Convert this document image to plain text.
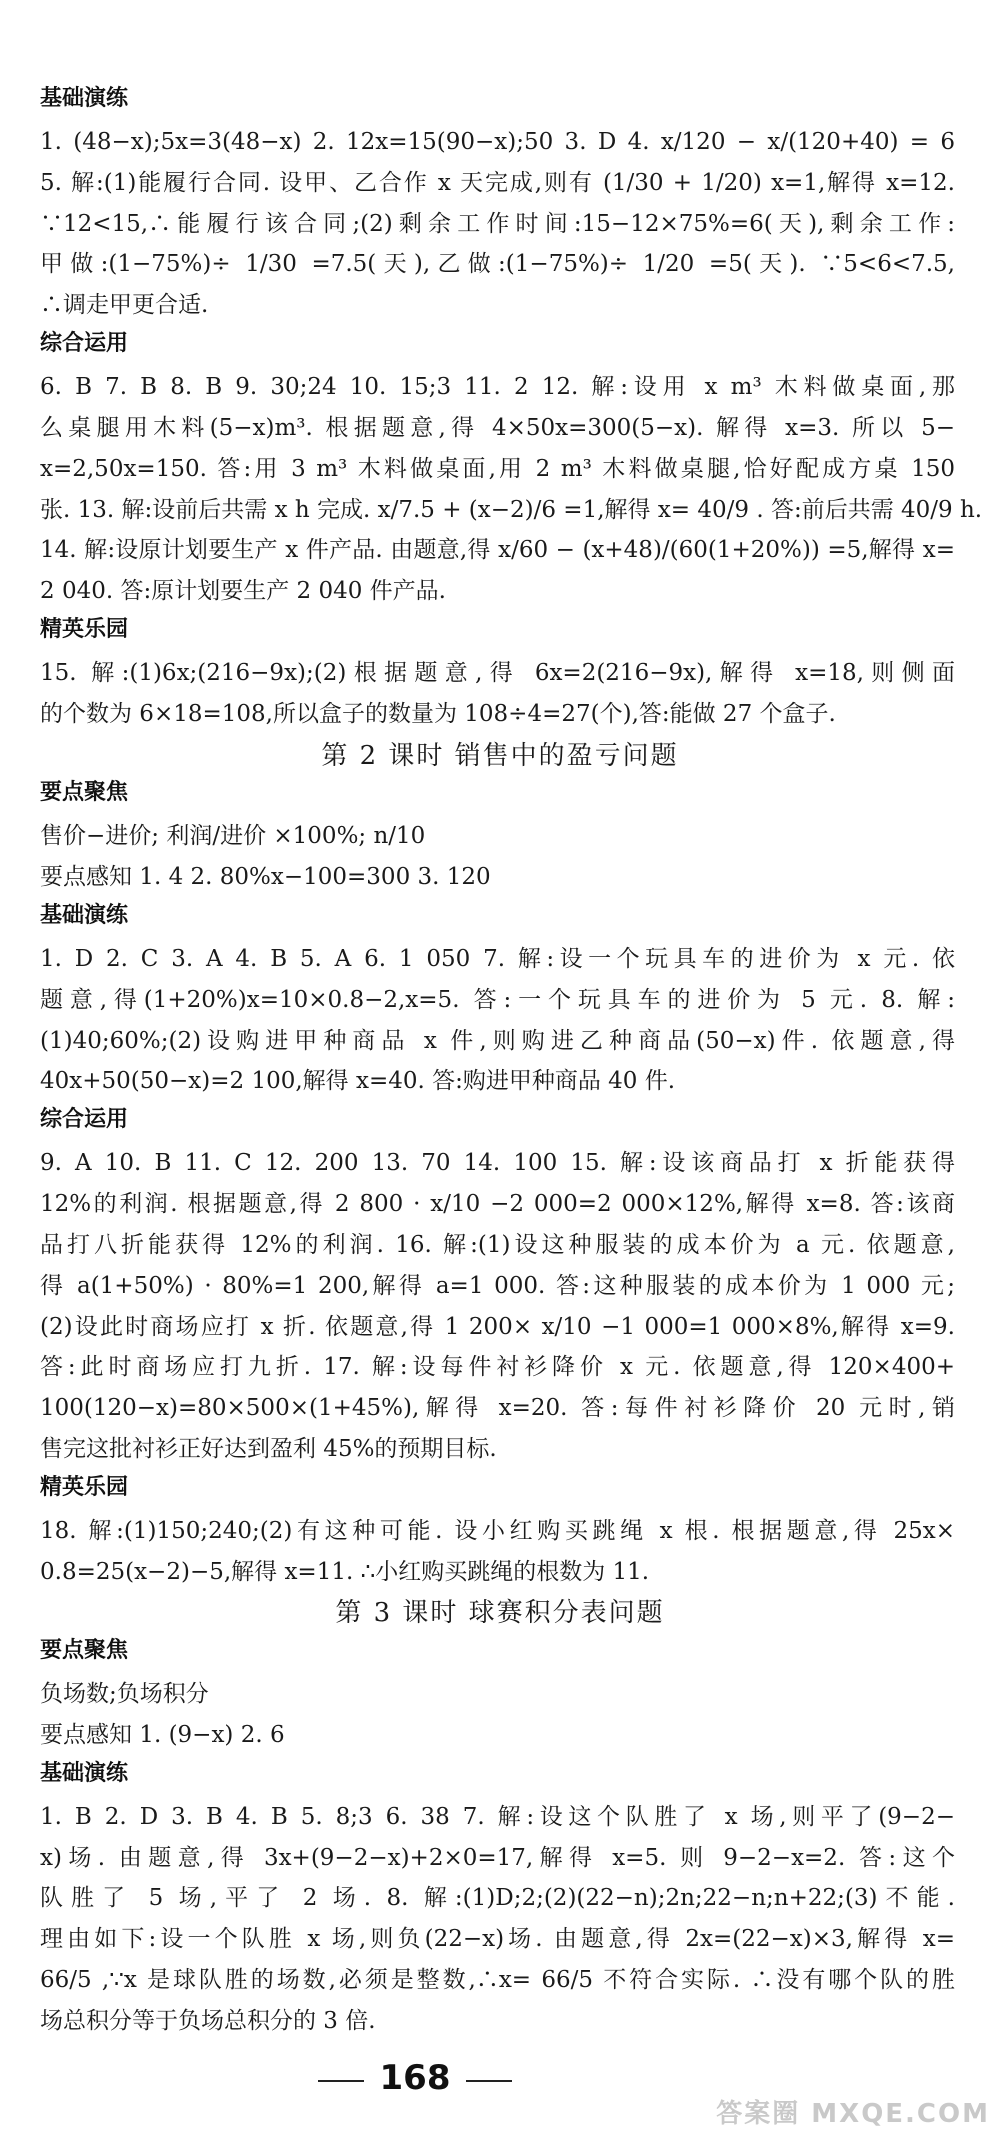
基础演练
1. (48−x);5x=3(48−x) 2. 12x=15(90−x);50 3. D 4. x/120 − x/(120+40) = 6
5. 解:(1)能履行合同. 设甲、乙合作 x 天完成,则有 (1/30 + 1/20) x=1,解得 x=12.
∵12<15,∴能履行该合同;(2)剩余工作时间:15−12×75%=6(天),剩余工作:
甲做:(1−75%)÷ 1/30 =7.5(天),乙做:(1−75%)÷ 1/20 =5(天). ∵5<6<7.5,
∴调走甲更合适.
综合运用
6. B 7. B 8. B 9. 30;24 10. 15;3 11. 2 12. 解:设用 x m³ 木料做桌面,那
么桌腿用木料(5−x)m³. 根据题意,得 4×50x=300(5−x). 解得 x=3. 所以 5−
x=2,50x=150. 答:用 3 m³ 木料做桌面,用 2 m³ 木料做桌腿,恰好配成方桌 150
张. 13. 解:设前后共需 x h 完成. x/7.5 + (x−2)/6 =1,解得 x= 40/9 . 答:前后共需 40/9 h.
14. 解:设原计划要生产 x 件产品. 由题意,得 x/60 − (x+48)/(60(1+20%)) =5,解得 x=
2 040. 答:原计划要生产 2 040 件产品.
精英乐园
15. 解:(1)6x;(216−9x);(2)根据题意,得 6x=2(216−9x),解得 x=18,则侧面
的个数为 6×18=108,所以盒子的数量为 108÷4=27(个),答:能做 27 个盒子.
第 2 课时 销售中的盈亏问题
要点聚焦
售价−进价; 利润/进价 ×100%; n/10
要点感知 1. 4 2. 80%x−100=300 3. 120
基础演练
1. D 2. C 3. A 4. B 5. A 6. 1 050 7. 解:设一个玩具车的进价为 x 元. 依
题意,得(1+20%)x=10×0.8−2,x=5. 答:一个玩具车的进价为 5 元. 8. 解:
(1)40;60%;(2)设购进甲种商品 x 件,则购进乙种商品(50−x)件. 依题意,得
40x+50(50−x)=2 100,解得 x=40. 答:购进甲种商品 40 件.
综合运用
9. A 10. B 11. C 12. 200 13. 70 14. 100 15. 解:设该商品打 x 折能获得
12%的利润. 根据题意,得 2 800 · x/10 −2 000=2 000×12%,解得 x=8. 答:该商
品打八折能获得 12%的利润. 16. 解:(1)设这种服装的成本价为 a 元. 依题意,
得 a(1+50%) · 80%=1 200,解得 a=1 000. 答:这种服装的成本价为 1 000 元;
(2)设此时商场应打 x 折. 依题意,得 1 200× x/10 −1 000=1 000×8%,解得 x=9.
答:此时商场应打九折. 17. 解:设每件衬衫降价 x 元. 依题意,得 120×400+
100(120−x)=80×500×(1+45%),解得 x=20. 答:每件衬衫降价 20 元时,销
售完这批衬衫正好达到盈利 45%的预期目标.
精英乐园
18. 解:(1)150;240;(2)有这种可能. 设小红购买跳绳 x 根. 根据题意,得 25x×
0.8=25(x−2)−5,解得 x=11. ∴小红购买跳绳的根数为 11.
第 3 课时 球赛积分表问题
要点聚焦
负场数;负场积分
要点感知 1. (9−x) 2. 6
基础演练
1. B 2. D 3. B 4. B 5. 8;3 6. 38 7. 解:设这个队胜了 x 场,则平了(9−2−
x)场. 由题意,得 3x+(9−2−x)+2×0=17,解得 x=5. 则 9−2−x=2. 答:这个
队胜了 5 场,平了 2 场. 8. 解:(1)D;2;(2)(22−n);2n;22−n;n+22;(3)不能.
理由如下:设一个队胜 x 场,则负(22−x)场. 由题意,得 2x=(22−x)×3,解得 x=
66/5 ,∵x 是球队胜的场数,必须是整数,∴x= 66/5 不符合实际. ∴没有哪个队的胜
场总积分等于负场总积分的 3 倍.
168
答案圈 MXQE.COM
